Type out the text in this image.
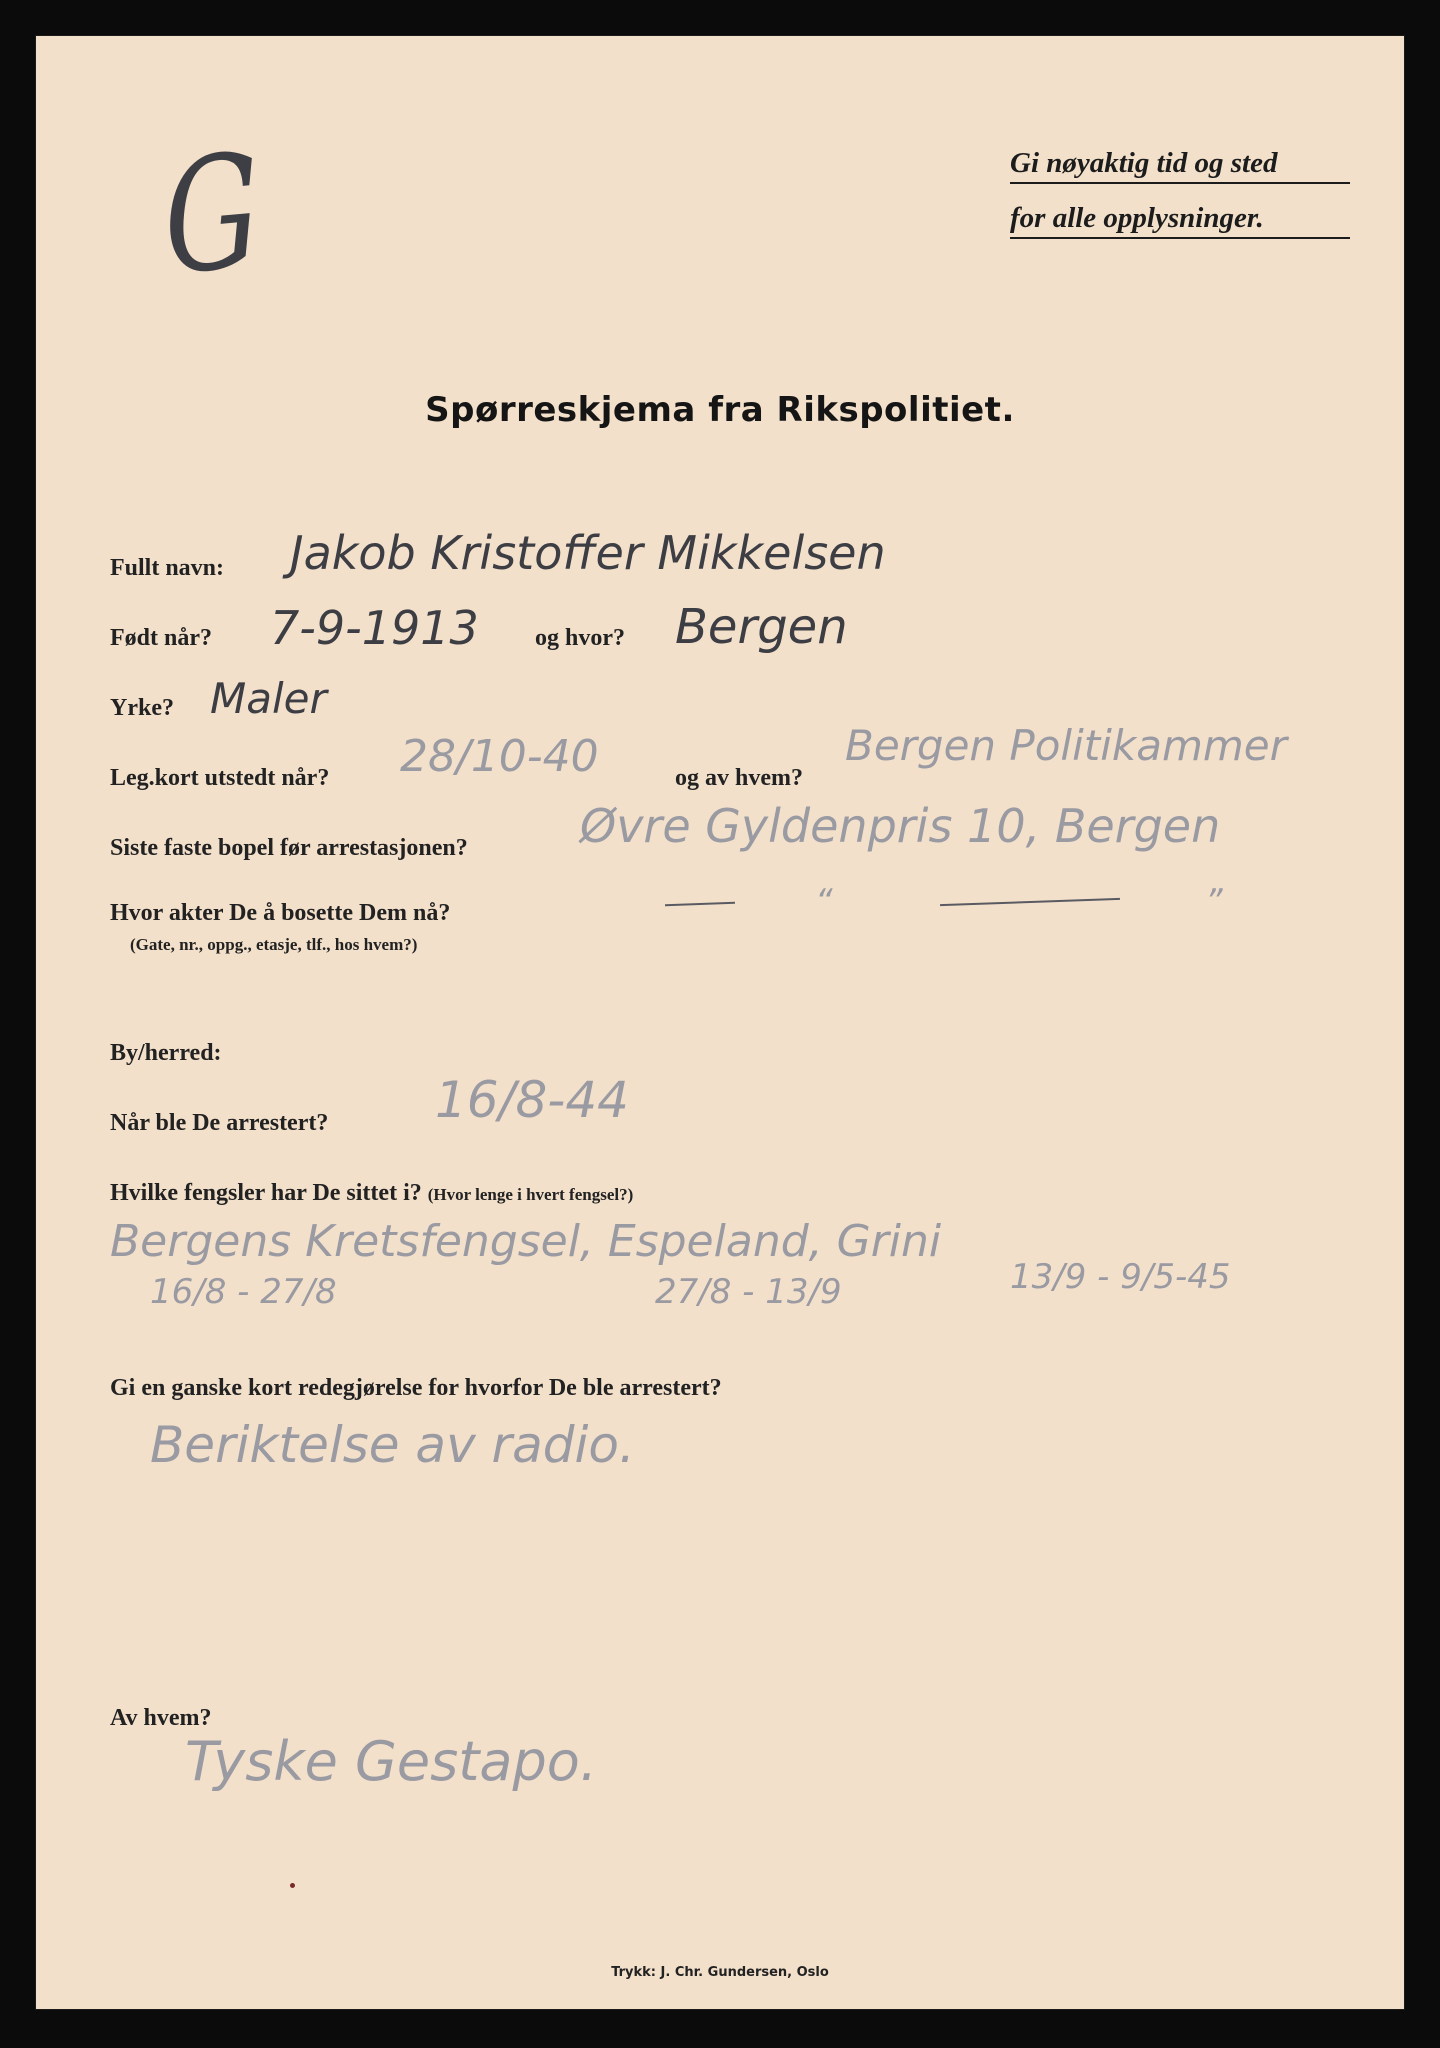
G	Gi nøyaktig tid og sted
for alle opplysninger.
Spørreskjema fra Rikspolitiet.
Fullt navn: Jakob Kristoffer Mikkelsen
Født når? 7-9-1913 og hvor? Bergen
Yrke? Maler
Leg.kort utstedt når? 28/10-40	og av hvem?
Bergen Politikammer
Siste faste bopel før arrestasjonen? Øvre Gyldenpris 10, Bergen
Hvor akter De å bosette Dem nå?
(Gate, nr., oppg., etasje, tlf., hos hvem?)
“	”
By/herred:
Når ble De arrestert? 16/8-44
Hvilke fengsler har De sittet i? (Hvor lenge i hvert fengsel?)
Bergens Kretsfengsel, Espeland, Grini
16/8 - 27/8	27/8 - 13/9	13/9 - 9/5-45
Gi en ganske kort redegjørelse for hvorfor De ble arrestert?
Beriktelse av radio.
Av hvem?
Tyske Gestapo.
Trykk: J. Chr. Gundersen, Oslo
